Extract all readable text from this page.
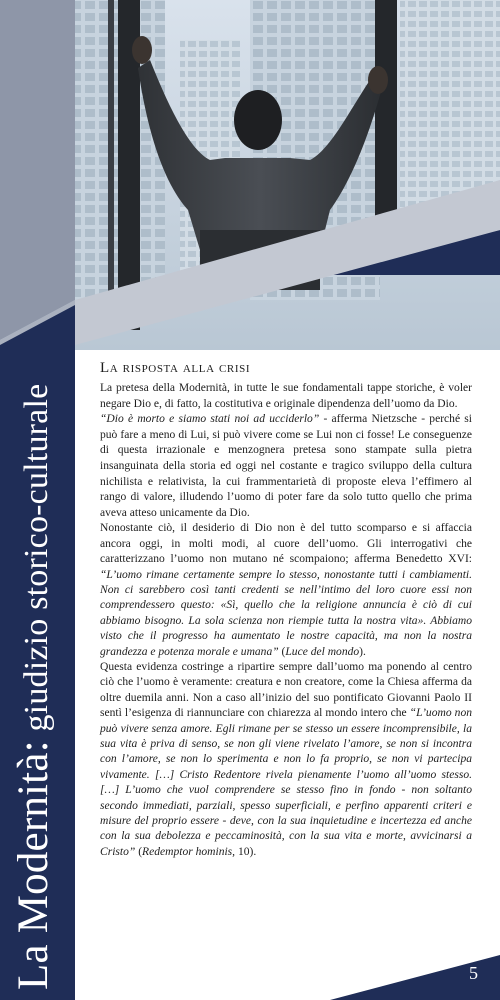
La Modernità: giudizio storico-culturale
La risposta alla crisi

La pretesa della Modernità, in tutte le sue fondamentali tappe storiche, è voler negare Dio e, di fatto, la costitutiva e originale dipendenza dell’uomo da Dio.

“Dio è morto e siamo stati noi ad ucciderlo” - afferma Nietzsche - perché si può fare a meno di Lui, si può vivere come se Lui non ci fosse! Le conseguenze di questa irrazionale e menzognera pretesa sono stampate sulla pietra insanguinata della storia ed oggi nel costante e tragico sviluppo della cultura nichilista e relativista, la cui frammentarietà di proposte eleva l’effimero al rango di valore, illudendo l’uomo di poter fare da solo tutto quello che prima aveva atteso unicamente da Dio.

Nonostante ciò, il desiderio di Dio non è del tutto scomparso e si affaccia ancora oggi, in molti modi, al cuore dell’uomo. Gli interrogativi che caratterizzano l’uomo non mutano né scompaiono; afferma Benedetto XVI: “L’uomo rimane certamente sempre lo stesso, nonostante tutti i cambiamenti. Non ci sarebbero così tanti credenti se nell’intimo del loro cuore essi non comprendessero questo: «Sì, quello che la religione annuncia è ciò di cui abbiamo bisogno. La sola scienza non riempie tutta la nostra vita». Abbiamo visto che il progresso ha aumentato le nostre capacità, ma non la nostra grandezza e potenza morale e umana” (Luce del mondo).

Questa evidenza costringe a ripartire sempre dall’uomo ma ponendo al centro ciò che l’uomo è veramente: creatura e non creatore, come la Chiesa afferma da oltre duemila anni. Non a caso all’inizio del suo pontificato Giovanni Paolo II sentì l’esigenza di riannunciare con chiarezza al mondo intero che “L’uomo non può vivere senza amore. Egli rimane per se stesso un essere incomprensibile, la sua vita è priva di senso, se non gli viene rivelato l’amore, se non si incontra con l’amore, se non lo sperimenta e non lo fa proprio, se non vi partecipa vivamente. […] Cristo Redentore rivela pienamente l’uomo all’uomo stesso. […] L’uomo che vuol comprendere se stesso fino in fondo - non soltanto secondo immediati, parziali, spesso superficiali, e perfino apparenti criteri e misure del proprio essere - deve, con la sua inquietudine e incertezza ed anche con la sua debolezza e peccaminosità, con la sua vita e morte, avvicinarsi a Cristo” (Redemptor hominis, 10).

5
